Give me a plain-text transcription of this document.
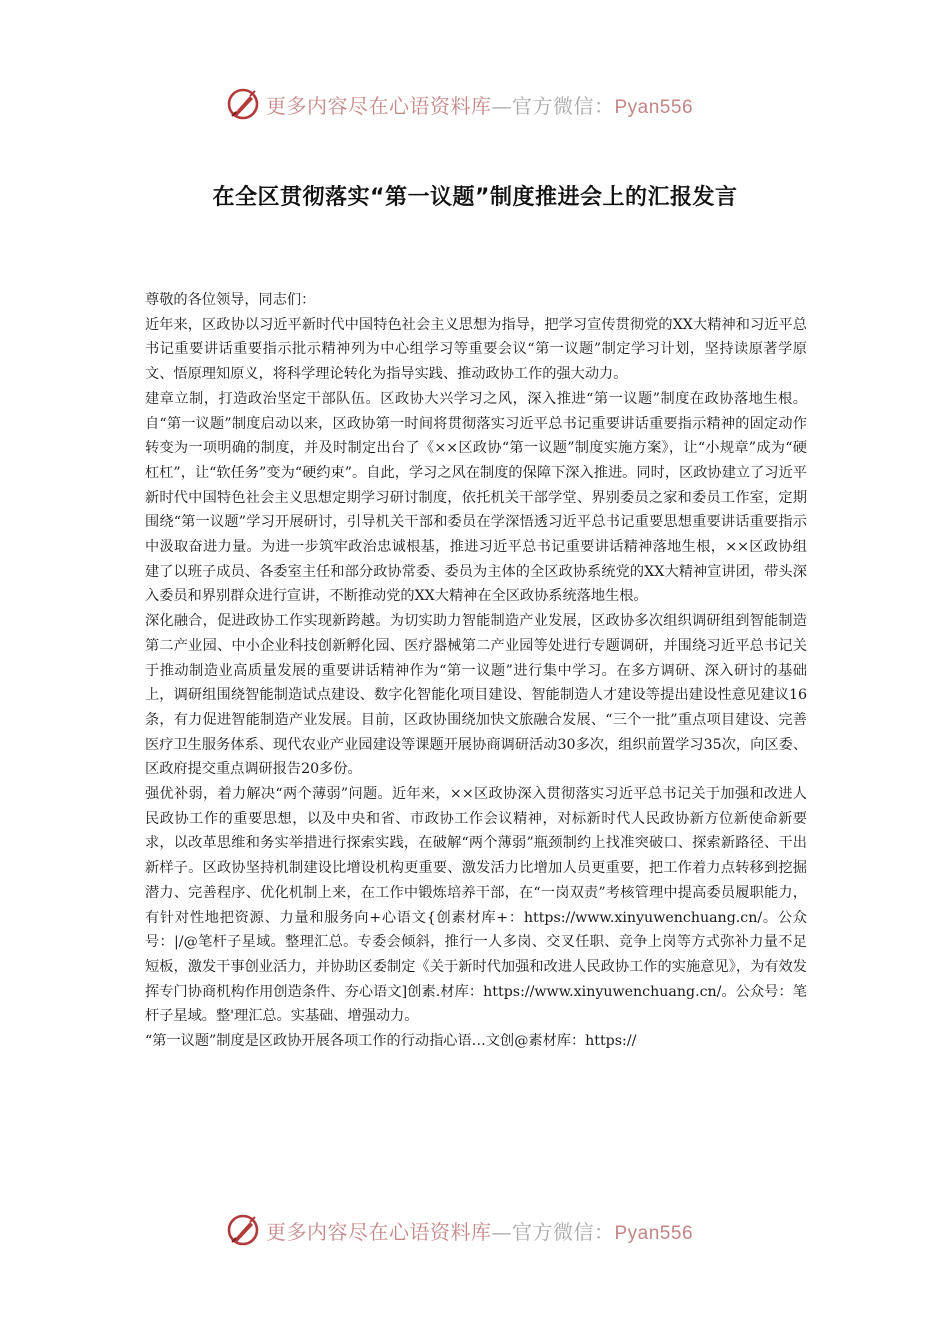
更多内容尽在心语资料库—官方微信：Pyan556
在全区贯彻落实“第一议题”制度推进会上的汇报发言

尊敬的各位领导，同志们：

近年来，区政协以习近平新时代中国特色社会主义思想为指导，把学习宣传贯彻党的XX大精神和习近平总书记重要讲话重要指示批示精神列为中心组学习等重要会议“第一议题”制定学习计划，坚持读原著学原文、悟原理知原义，将科学理论转化为指导实践、推动政协工作的强大动力。

建章立制，打造政治坚定干部队伍。区政协大兴学习之风，深入推进“第一议题”制度在政协落地生根。自“第一议题”制度启动以来，区政协第一时间将贯彻落实习近平总书记重要讲话重要指示精神的固定动作转变为一项明确的制度，并及时制定出台了《××区政协“第一议题”制度实施方案》，让“小规章”成为“硬杠杠”，让“软任务”变为“硬约束”。自此，学习之风在制度的保障下深入推进。同时，区政协建立了习近平新时代中国特色社会主义思想定期学习研讨制度，依托机关干部学堂、界别委员之家和委员工作室，定期围绕“第一议题”学习开展研讨，引导机关干部和委员在学深悟透习近平总书记重要思想重要讲话重要指示中汲取奋进力量。为进一步筑牢政治忠诚根基，推进习近平总书记重要讲话精神落地生根，××区政协组建了以班子成员、各委室主任和部分政协常委、委员为主体的全区政协系统党的XX大精神宣讲团，带头深入委员和界别群众进行宣讲，不断推动党的XX大精神在全区政协系统落地生根。

深化融合，促进政协工作实现新跨越。为切实助力智能制造产业发展，区政协多次组织调研组到智能制造第二产业园、中小企业科技创新孵化园、医疗器械第二产业园等处进行专题调研，并围绕习近平总书记关于推动制造业高质量发展的重要讲话精神作为“第一议题”进行集中学习。在多方调研、深入研讨的基础上，调研组围绕智能制造试点建设、数字化智能化项目建设、智能制造人才建设等提出建设性意见建议16条，有力促进智能制造产业发展。目前，区政协围绕加快文旅融合发展、“三个一批”重点项目建设、完善医疗卫生服务体系、现代农业产业园建设等课题开展协商调研活动30多次，组织前置学习35次，向区委、区政府提交重点调研报告20多份。

强优补弱，着力解决“两个薄弱”问题。近年来，××区政协深入贯彻落实习近平总书记关于加强和改进人民政协工作的重要思想，以及中央和省、市政协工作会议精神，对标新时代人民政协新方位新使命新要求，以改革思维和务实举措进行探索实践，在破解“两个薄弱”瓶颈制约上找准突破口、探索新路径、干出新样子。区政协坚持机制建设比增设机构更重要、激发活力比增加人员更重要，把工作着力点转移到挖掘潜力、完善程序、优化机制上来，在工作中锻炼培养干部，在“一岗双责”考核管理中提高委员履职能力，有针对性地把资源、力量和服务向+心语文{创素材库+：https://www.xinyuwenchuang.cn/。公众号：|/@笔杆子星域。整理汇总。专委会倾斜，推行一人多岗、交叉任职、竞争上岗等方式弥补力量不足短板，激发干事创业活力，并协助区委制定《关于新时代加强和改进人民政协工作的实施意见》，为有效发挥专门协商机构作用创造条件、夯心语文]创素.材库：https://www.xinyuwenchuang.cn/。公众号：笔杆子星域。整'理汇总。实基础、增强动力。

“第一议题”制度是区政协开展各项工作的行动指心语…文创@素材库：https://

更多内容尽在心语资料库—官方微信：Pyan556
